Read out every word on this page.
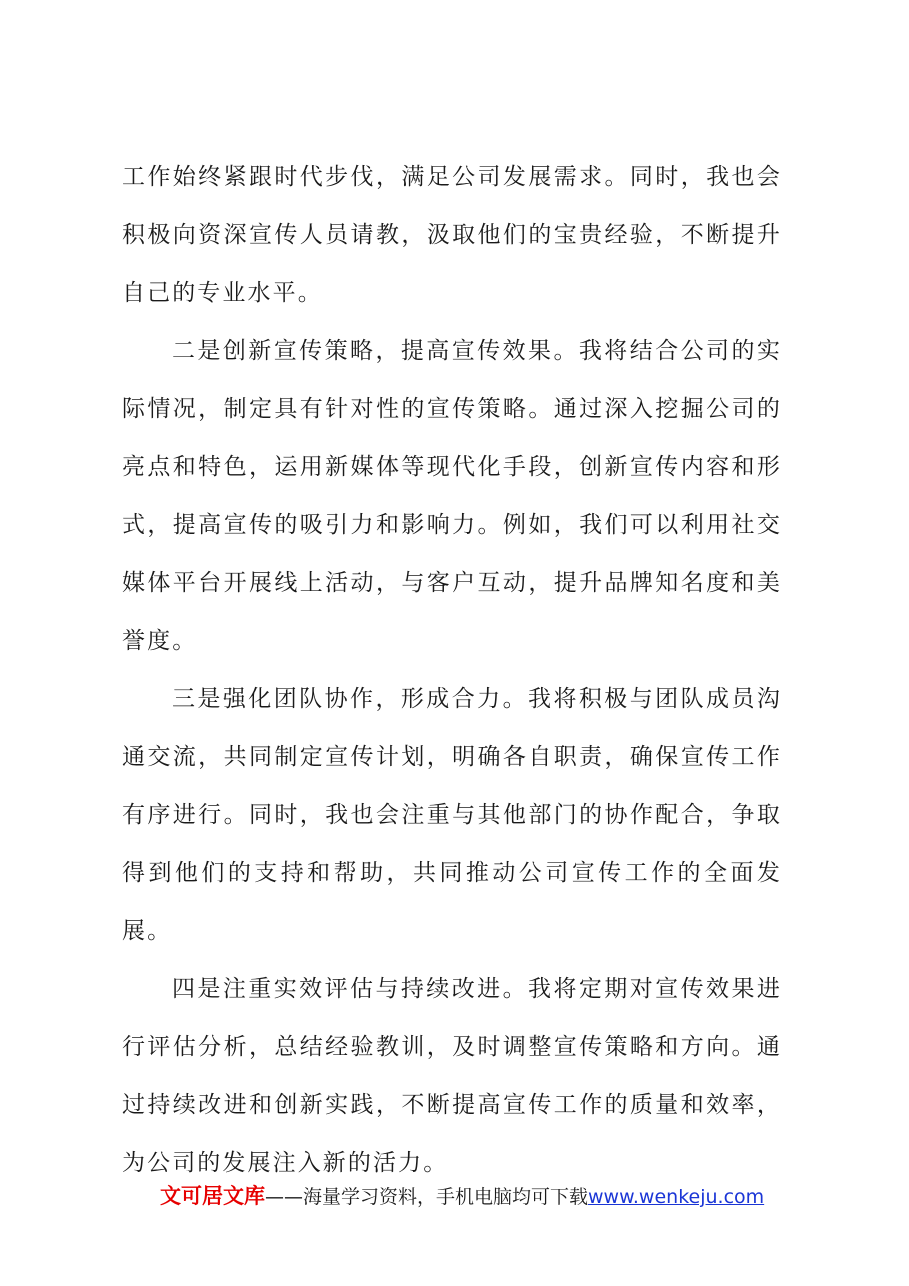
工作始终紧跟时代步伐，满足公司发展需求。同时，我也会积极向资深宣传人员请教，汲取他们的宝贵经验，不断提升自己的专业水平。

二是创新宣传策略，提高宣传效果。我将结合公司的实际情况，制定具有针对性的宣传策略。通过深入挖掘公司的亮点和特色，运用新媒体等现代化手段，创新宣传内容和形式，提高宣传的吸引力和影响力。例如，我们可以利用社交媒体平台开展线上活动，与客户互动，提升品牌知名度和美誉度。

三是强化团队协作，形成合力。我将积极与团队成员沟通交流，共同制定宣传计划，明确各自职责，确保宣传工作有序进行。同时，我也会注重与其他部门的协作配合，争取得到他们的支持和帮助，共同推动公司宣传工作的全面发展。

四是注重实效评估与持续改进。我将定期对宣传效果进行评估分析，总结经验教训，及时调整宣传策略和方向。通过持续改进和创新实践，不断提高宣传工作的质量和效率，为公司的发展注入新的活力。

文可居文库——海量学习资料，手机电脑均可下载www.wenkeju.com
